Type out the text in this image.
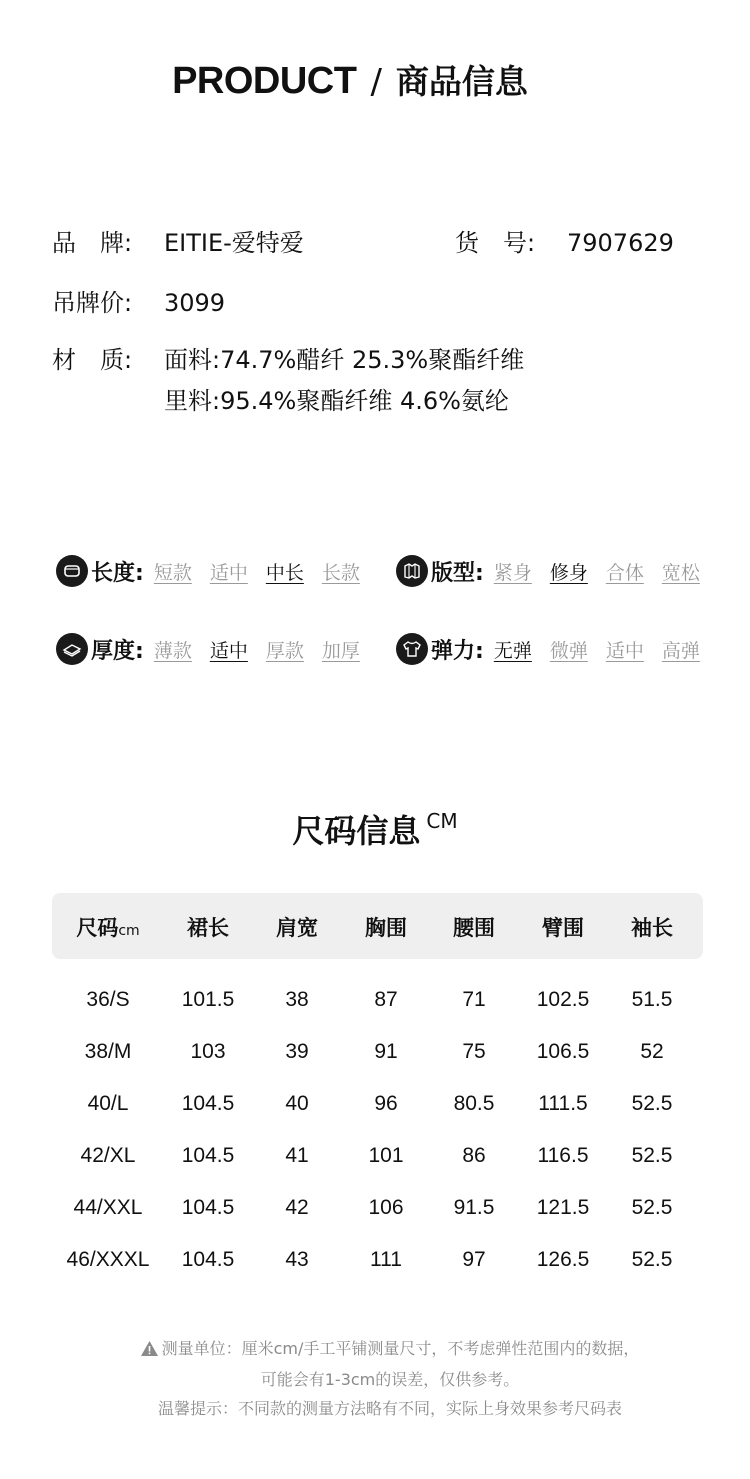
PRODUCT / 商品信息
品　牌: EITIE-爱特爱	货　号: 7907629
吊牌价: 3099
材　质: 面料:74.7%醋纤 25.3%聚酯纤维
里料:95.4%聚酯纤维 4.6%氨纶
长度: 短款 适中 中长 长款	版型: 紧身 修身 合体 宽松
厚度: 薄款 适中 厚款 加厚	弹力: 无弹 微弹 适中 高弹
尺码信息 CM
尺码cm 裙长 肩宽 胸围 腰围 臂围 袖长
36/S 101.5 38	87	71 102.5 51.5
38/M	103	39	91	75 106.5 52
40/L	104.5 40	96	80.5 111.5 52.5
42/XL 104.5 41	101	86 116.5 52.5
44/XXL 104.5 42	106 91.5 121.5 52.5
46/XXXL 104.5 43	111	97 126.5 52.5
测量单位：厘米cm/手工平铺测量尺寸，不考虑弹性范围内的数据，
可能会有1-3cm的误差，仅供参考。
温馨提示：不同款的测量方法略有不同，实际上身效果参考尺码表
